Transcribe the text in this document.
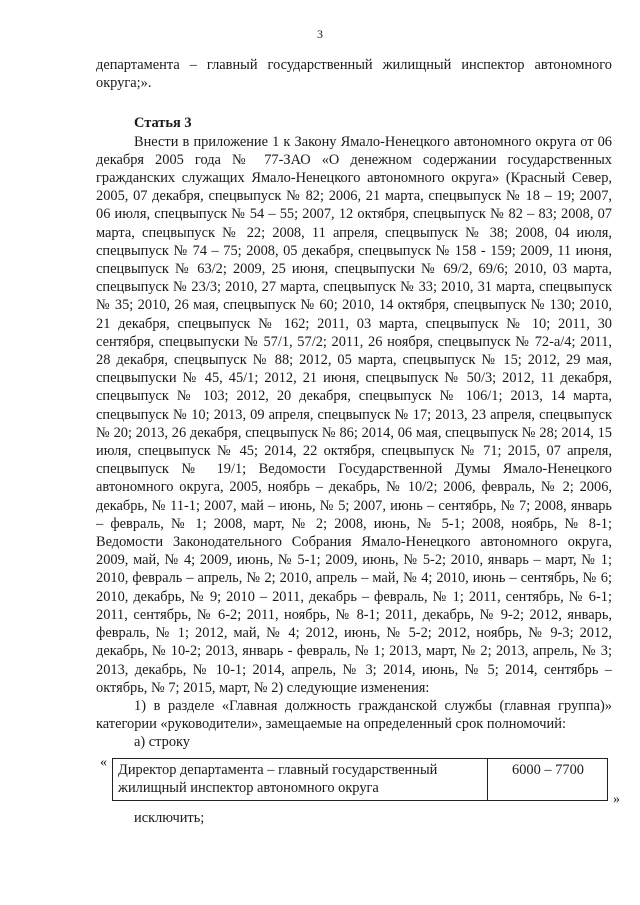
3

департамента – главный государственный жилищный инспектор автономного округа;».

Статья 3

Внести в приложение 1 к Закону Ямало-Ненецкого автономного округа от 06 декабря 2005 года № 77-ЗАО «О денежном содержании государственных гражданских служащих Ямало-Ненецкого автономного округа» (Красный Север, 2005, 07 декабря, спецвыпуск № 82; 2006, 21 марта, спецвыпуск № 18 – 19; 2007, 06 июля, спецвыпуск № 54 – 55; 2007, 12 октября, спецвыпуск № 82 – 83; 2008, 07 марта, спецвыпуск № 22; 2008, 11 апреля, спецвыпуск № 38; 2008, 04 июля, спецвыпуск № 74 – 75; 2008, 05 декабря, спецвыпуск № 158 - 159; 2009, 11 июня, спецвыпуск № 63/2; 2009, 25 июня, спецвыпуски № 69/2, 69/6; 2010, 03 марта, спецвыпуск № 23/3; 2010, 27 марта, спецвыпуск № 33; 2010, 31 марта, спецвыпуск № 35; 2010, 26 мая, спецвыпуск № 60; 2010, 14 октября, спецвыпуск № 130; 2010, 21 декабря, спецвыпуск № 162; 2011, 03 марта, спецвыпуск № 10; 2011, 30 сентября, спецвыпуски № 57/1, 57/2; 2011, 26 ноября, спецвыпуск № 72-а/4; 2011, 28 декабря, спецвыпуск № 88; 2012, 05 марта, спецвыпуск № 15; 2012, 29 мая, спецвыпуски № 45, 45/1; 2012, 21 июня, спецвыпуск № 50/3; 2012, 11 декабря, спецвыпуск № 103; 2012, 20 декабря, спецвыпуск № 106/1; 2013, 14 марта, спецвыпуск № 10; 2013, 09 апреля, спецвыпуск № 17; 2013, 23 апреля, спецвыпуск № 20; 2013, 26 декабря, спецвыпуск № 86; 2014, 06 мая, спецвыпуск № 28; 2014, 15 июля, спецвыпуск № 45; 2014, 22 октября, спецвыпуск № 71; 2015, 07 апреля, спецвыпуск № 19/1; Ведомости Государственной Думы Ямало-Ненецкого автономного округа, 2005, ноябрь – декабрь, № 10/2; 2006, февраль, № 2; 2006, декабрь, № 11-1; 2007, май – июнь, № 5; 2007, июнь – сентябрь, № 7; 2008, январь – февраль, № 1; 2008, март, № 2; 2008, июнь, № 5-1; 2008, ноябрь, № 8-1; Ведомости Законодательного Собрания Ямало-Ненецкого автономного округа, 2009, май, № 4; 2009, июнь, № 5-1; 2009, июнь, № 5-2; 2010, январь – март, № 1; 2010, февраль – апрель, № 2; 2010, апрель – май, № 4; 2010, июнь – сентябрь, № 6; 2010, декабрь, № 9; 2010 – 2011, декабрь – февраль, № 1; 2011, сентябрь, № 6-1; 2011, сентябрь, № 6-2; 2011, ноябрь, № 8-1; 2011, декабрь, № 9-2; 2012, январь, февраль, № 1; 2012, май, № 4; 2012, июнь, № 5-2; 2012, ноябрь, № 9-3; 2012, декабрь, № 10-2; 2013, январь - февраль, № 1; 2013, март, № 2; 2013, апрель, № 3; 2013, декабрь, № 10-1; 2014, апрель, № 3; 2014, июнь, № 5; 2014, сентябрь – октябрь, № 7; 2015, март, № 2) следующие изменения:

1) в разделе «Главная должность гражданской службы (главная группа)» категории «руководители», замещаемые на определенный срок полномочий:

а) строку

« Директор департамента – главный государственный жилищный инспектор автономного округа	6000 – 7700
»

исключить;
